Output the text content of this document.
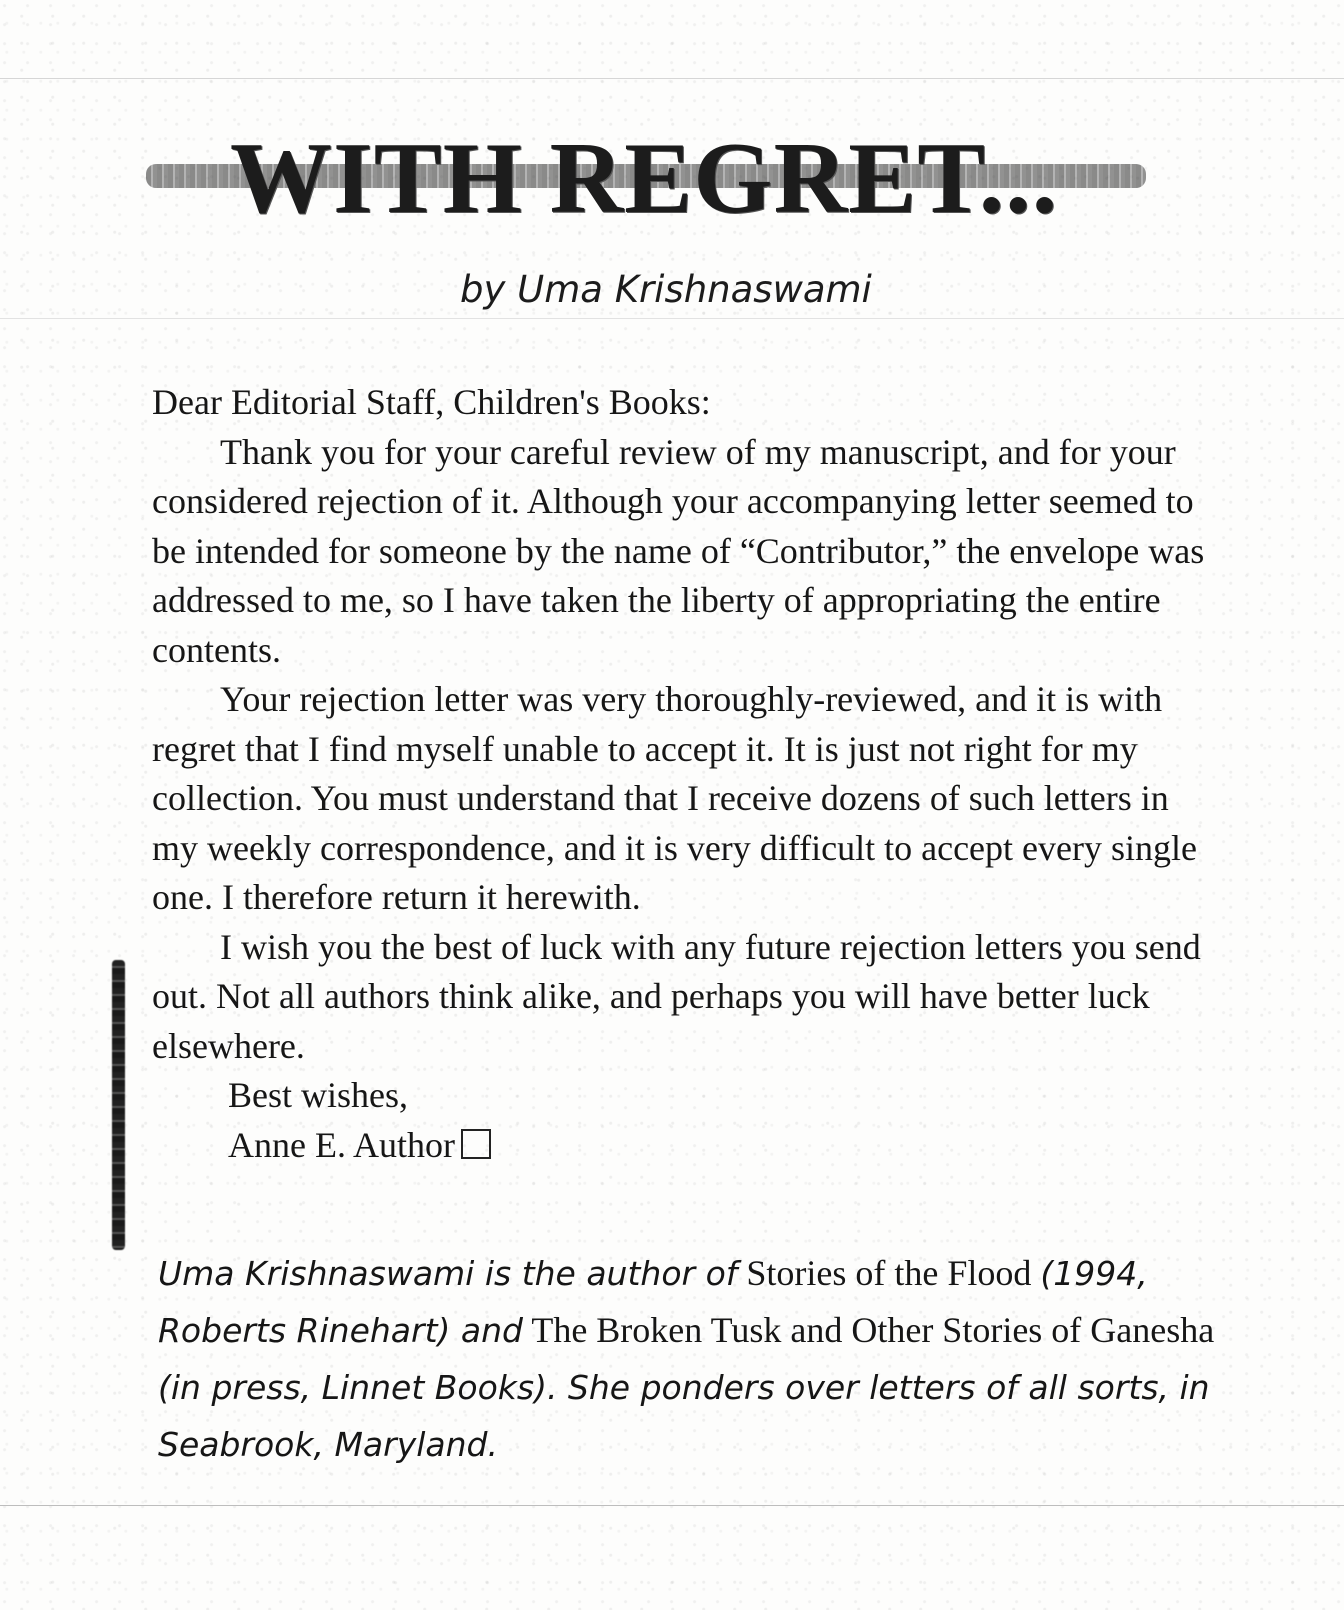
WITH REGRET...
by Uma Krishnaswami

Dear Editorial Staff, Children's Books:

Thank you for your careful review of my manuscript, and for your considered rejection of it. Although your accompanying letter seemed to be intended for someone by the name of “Contributor,” the envelope was addressed to me, so I have taken the liberty of appropriating the entire contents.

Your rejection letter was very thoroughly-reviewed, and it is with regret that I find myself unable to accept it. It is just not right for my collection. You must understand that I receive dozens of such letters in my weekly correspondence, and it is very difficult to accept every single one. I therefore return it herewith.

I wish you the best of luck with any future rejection letters you send out. Not all authors think alike, and perhaps you will have better luck elsewhere.

Best wishes,

Anne E. Author

Uma Krishnaswami is the author of Stories of the Flood (1994, Roberts Rinehart) and The Broken Tusk and Other Stories of Ganesha (in press, Linnet Books). She ponders over letters of all sorts, in Seabrook, Maryland.
